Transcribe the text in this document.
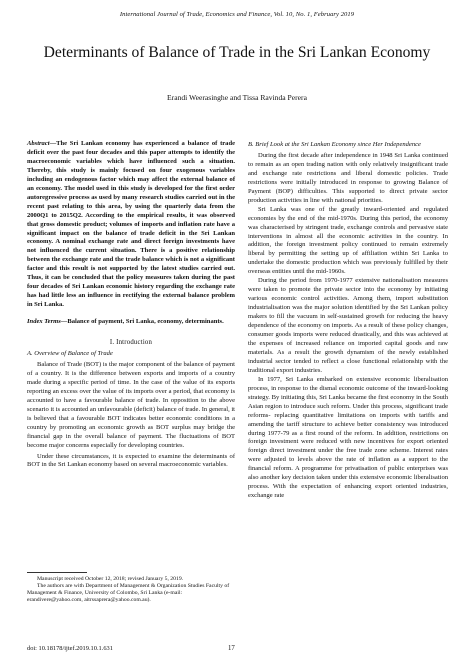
International Journal of Trade, Economics and Finance, Vol. 10, No. 1, February 2019
Determinants of Balance of Trade in the Sri Lankan Economy
Erandi Weerasinghe and Tissa Ravinda Perera

Abstract—The Sri Lankan economy has experienced a balance of trade deficit over the past four decades and this paper attempts to identify the macroeconomic variables which have influenced such a situation. Thereby, this study is mainly focused on four exogenous variables including an endogenous factor which may affect the external balance of an economy. The model used in this study is developed for the first order autoregressive process as used by many research studies carried out in the recent past relating to this area, by using the quarterly data from the 2000Q1 to 2015Q2. According to the empirical results, it was observed that gross domestic product; volumes of imports and inflation rate have a significant impact on the balance of trade deficit in the Sri Lankan economy. A nominal exchange rate and direct foreign investments have not influenced the current situation. There is a positive relationship between the exchange rate and the trade balance which is not a significant factor and this result is not supported by the latest studies carried out. Thus, it can be concluded that the policy measures taken during the past four decades of Sri Lankan economic history regarding the exchange rate has had little less an influence in rectifying the external balance problem in Sri Lanka.

Index Terms—Balance of payment, Sri Lanka, economy, determinants.

I. Introduction

A. Overview of Balance of Trade

Balance of Trade (BOT) is the major component of the balance of payment of a country. It is the difference between exports and imports of a country made during a specific period of time. In the case of the value of its exports reporting an excess over the value of its imports over a period, that economy is accounted to have a favourable balance of trade. In opposition to the above scenario it is accounted an unfavourable (deficit) balance of trade. In general, it is believed that a favourable BOT indicates better economic conditions in a country by promoting an economic growth as BOT surplus may bridge the financial gap in the overall balance of payment. The fluctuations of BOT become major concerns especially for developing countries.

Under these circumstances, it is expected to examine the determinants of BOT in the Sri Lankan economy based on several macroeconomic variables.

B. Brief Look at the Sri Lankan Economy since Her Independence

During the first decade after independence in 1948 Sri Lanka continued to remain as an open trading nation with only relatively insignificant trade and exchange rate restrictions and liberal domestic policies. Trade restrictions were initially introduced in response to growing Balance of Payment (BOP) difficulties. This supported to direct private sector production activities in line with national priorities.

Sri Lanka was one of the greatly inward-oriented and regulated economies by the end of the mid-1970s. During this period, the economy was characterised by stringent trade, exchange controls and pervasive state interventions in almost all the economic activities in the country. In addition, the foreign investment policy continued to remain extremely liberal by permitting the setting up of affiliation within Sri Lanka to undertake the domestic production which was previously fulfilled by their overseas entities until the mid-1960s.

During the period from 1970-1977 extensive nationalisation measures were taken to promote the private sector into the economy by initiating various economic control activities. Among them, import substitution industrialisation was the major solution identified by the Sri Lankan policy makers to fill the vacuum in self-sustained growth for reducing the heavy dependence of the economy on imports. As a result of these policy changes, consumer goods imports were reduced drastically, and this was achieved at the expenses of increased reliance on imported capital goods and raw materials. As a result the growth dynamism of the newly established industrial sector tended to reflect a close functional relationship with the traditional export industries.

In 1977, Sri Lanka embarked on extensive economic liberalisation process, in response to the dismal economic outcome of the inward-looking strategy. By initiating this, Sri Lanka became the first economy in the South Asian region to introduce such reform. Under this process, significant trade reforms- replacing quantitative limitations on imports with tariffs and amending the tariff structure to achieve better consistency was introduced during 1977-79 as a first round of the reform. In addition, restrictions on foreign investment were reduced with new incentives for export oriented foreign direct investment under the free trade zone scheme. Interest rates were adjusted to levels above the rate of inflation as a support to the financial reform. A programme for privatisation of public enterprises was also another key decision taken under this extensive economic liberalisation process. With the expectation of enhancing export oriented industries, exchange rate

Manuscript received October 12, 2018; revised January 5, 2019.

The authors are with Department of Management & Organization Studies Faculty of Management & Finance, University of Colombo, Sri Lanka (e-mail: erandivere@yahoo.com, aitrssaprera@yahoo.com.au).

doi: 10.18178/ijtef.2019.10.1.631	17
